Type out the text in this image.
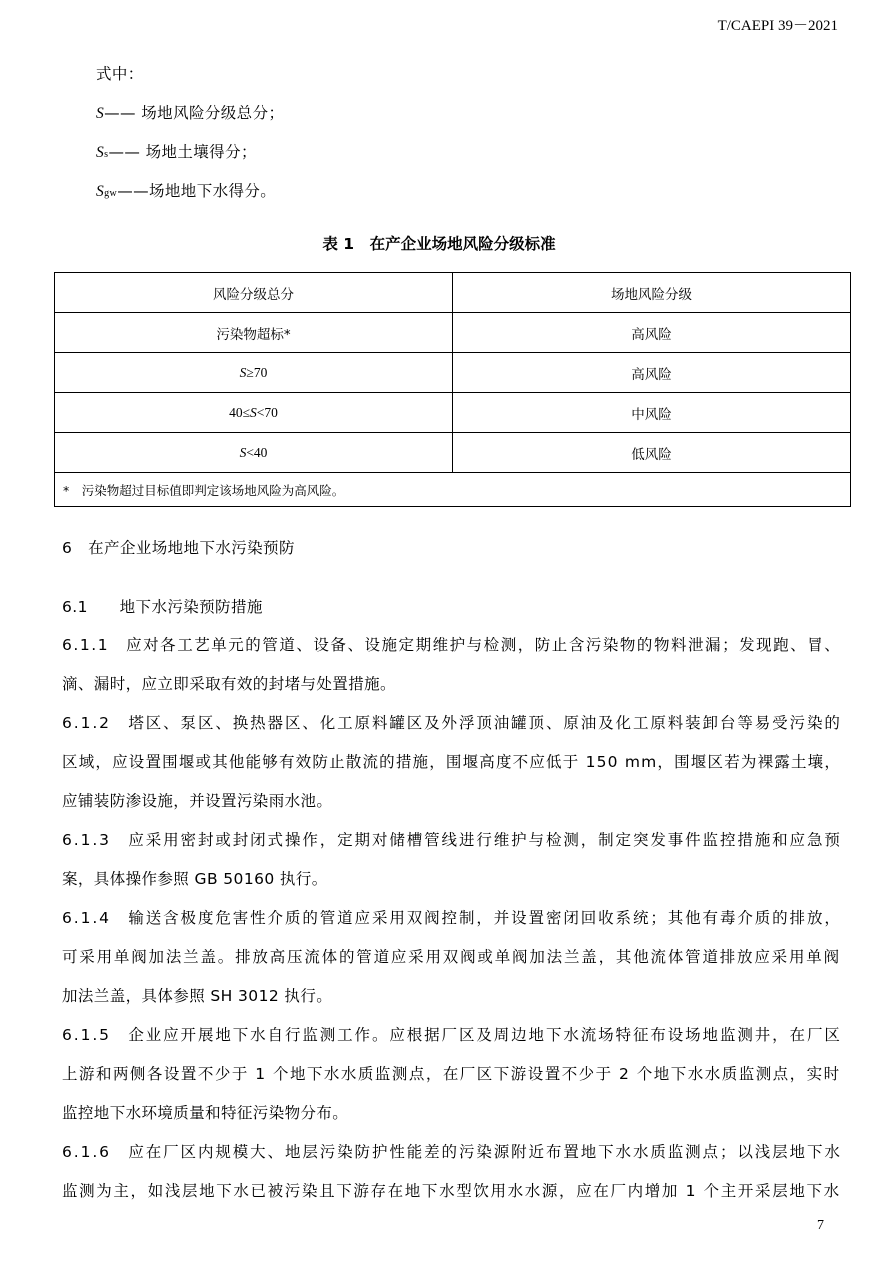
T/CAEPI 39－2021
式中：
S—— 场地风险分级总分；
Ss—— 场地土壤得分；
Sgw——场地地下水得分。
表 1　在产企业场地风险分级标准
风险分级总分	场地风险分级
污染物超标*	高风险
S≥70	高风险
40≤S<70	中风险
S<40	低风险
*　污染物超过目标值即判定该场地风险为高风险。	
6　在产企业场地地下水污染预防
6.1　　地下水污染预防措施
6.1.1　应对各工艺单元的管道、设备、设施定期维护与检测，防止含污染物的物料泄漏；发现跑、冒、
滴、漏时，应立即采取有效的封堵与处置措施。
6.1.2　塔区、泵区、换热器区、化工原料罐区及外浮顶油罐顶、原油及化工原料装卸台等易受污染的
区域，应设置围堰或其他能够有效防止散流的措施，围堰高度不应低于 150 mm，围堰区若为裸露土壤，
应铺装防渗设施，并设置污染雨水池。
6.1.3　应采用密封或封闭式操作，定期对储槽管线进行维护与检测，制定突发事件监控措施和应急预
案，具体操作参照 GB 50160 执行。
6.1.4　输送含极度危害性介质的管道应采用双阀控制，并设置密闭回收系统；其他有毒介质的排放，
可采用单阀加法兰盖。排放高压流体的管道应采用双阀或单阀加法兰盖，其他流体管道排放应采用单阀
加法兰盖，具体参照 SH 3012 执行。
6.1.5　企业应开展地下水自行监测工作。应根据厂区及周边地下水流场特征布设场地监测井，在厂区
上游和两侧各设置不少于 1 个地下水水质监测点，在厂区下游设置不少于 2 个地下水水质监测点，实时
监控地下水环境质量和特征污染物分布。
6.1.6　应在厂区内规模大、地层污染防护性能差的污染源附近布置地下水水质监测点；以浅层地下水
监测为主，如浅层地下水已被污染且下游存在地下水型饮用水水源，应在厂内增加 1 个主开采层地下水
7
